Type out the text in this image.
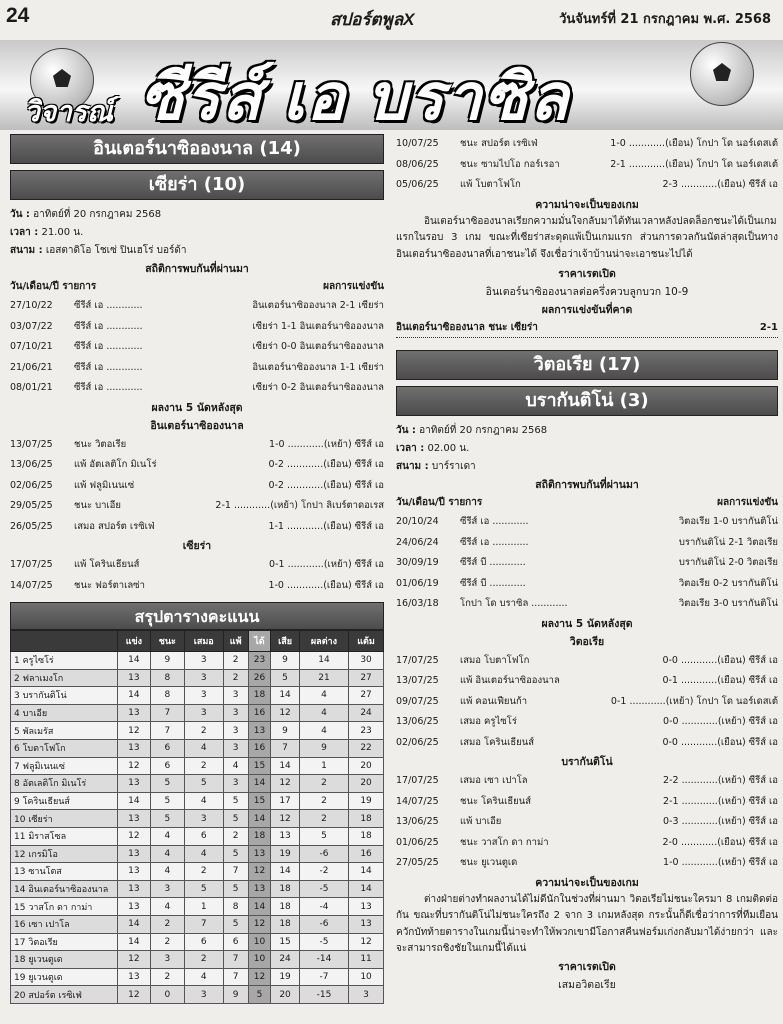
24	สปอร์ตพูลX	วันจันทร์ที่ 21 กรกฎาคม พ.ศ. 2568
วิจารณ์ ซีรีส์ เอ บราซิล
อินเตอร์นาซิอองนาล (14)
เซียร่า (10)
วัน : อาทิตย์ที่ 20 กรกฎาคม 2568
เวลา : 21.00 น.
สนาม : เอสตาดิโอ โชเซ่ ปินเฮโร่ บอร์ด้า
สถิติการพบกันที่ผ่านมา
วัน/เดือน/ปี รายการ	ผลการแข่งขัน
27/10/22	ซีรีส์ เอ ............	อินเตอร์นาซิอองนาล 2-1 เซียร่า
03/07/22	ซีรีส์ เอ ............	เซียร่า 1-1 อินเตอร์นาซิอองนาล
07/10/21	ซีรีส์ เอ ............	เซียร่า 0-0 อินเตอร์นาซิอองนาล
21/06/21	ซีรีส์ เอ ............	อินเตอร์นาซิอองนาล 1-1 เซียร่า
08/01/21	ซีรีส์ เอ ............	เซียร่า 0-2 อินเตอร์นาซิอองนาล
ผลงาน 5 นัดหลังสุด
อินเตอร์นาซิอองนาล
13/07/25	ชนะ วิตอเรีย	1-0 ............ (เหย้า) ซีรีส์ เอ
13/06/25	แพ้ อัตเลติโก มิเนโร่	0-2 ............ (เยือน) ซีรีส์ เอ
02/06/25	แพ้ ฟลูมิเนนเซ่	0-2 ............ (เยือน) ซีรีส์ เอ
29/05/25	ชนะ บาเอีย	2-1 ............ (เหย้า) โกปา ลิเบร์ตาดอเรส
26/05/25	เสมอ สปอร์ต เรซิเฟ่	1-1 ............ (เยือน) ซีรีส์ เอ
เซียร่า
17/07/25	แพ้ โครินเธียนส์	0-1 ............ (เหย้า) ซีรีส์ เอ
14/07/25	ชนะ ฟอร์ตาเลซ่า	1-0 ............ (เยือน) ซีรีส์ เอ
สรุปตารางคะแนน
	แข่ง	ชนะ	เสมอ	แพ้	ได้	เสีย	ผลต่าง	แต้ม
1 ครูไซโร่	14	9	3	2	23	9	14	30
2 ฟลาเมงโก	13	8	3	2	26	5	21	27
3 บรากันติโน่	14	8	3	3	18	14	4	27
4 บาเอีย	13	7	3	3	16	12	4	24
5 พัลเมรัส	12	7	2	3	13	9	4	23
6 โบตาโฟโก	13	6	4	3	16	7	9	22
7 ฟลูมิเนนเซ่	12	6	2	4	15	14	1	20
8 อัตเลติโก มิเนโร่	13	5	5	3	14	12	2	20
9 โครินเธียนส์	14	5	4	5	15	17	2	19
10 เซียร่า	13	5	3	5	14	12	2	18
11 มิราสโซล	12	4	6	2	18	13	5	18
12 เกรมิโอ	13	4	4	5	13	19	-6	16
13 ซานโตส	13	4	2	7	12	14	-2	14
14 อินเตอร์นาซิอองนาล	13	3	5	5	13	18	-5	14
15 วาสโก ดา กาม่า	13	4	1	8	14	18	-4	13
16 เซา เปาโล	14	2	7	5	12	18	-6	13
17 วิตอเรีย	14	2	6	6	10	15	-5	12
18 ยูเวนตูเด	12	3	2	7	10	24	-14	11
19 ยูเวนตูเด	13	2	4	7	12	19	-7	10
20 สปอร์ต เรซิเฟ่	12	0	3	9	5	20	-15	3
10/07/25	ชนะ สปอร์ต เรซิเฟ่	1-0 ............ (เยือน) โกปา โด นอร์เดสเต้
08/06/25	ชนะ ซามไปโอ กอร์เรอา	2-1 ............ (เยือน) โกปา โด นอร์เดสเต้
05/06/25	แพ้ โบตาโฟโก	2-3 ............ (เยือน) ซีรีส์ เอ
ความน่าจะเป็นของเกม
อินเตอร์นาซิอองนาลเรียกความมั่นใจกลับมาได้ทันเวลาหลังปลดล็อกชนะได้เป็นเกมแรกในรอบ 3 เกม ขณะที่เซียร่าสะดุดแพ้เป็นเกมแรก ส่วนการดวลกันนัดล่าสุดเป็นทางอินเตอร์นาซิอองนาลที่เอาชนะได้ จึงเชื่อว่าเจ้าบ้านน่าจะเอาชนะไปได้
ราคาเรตเปิด
อินเตอร์นาซิอองนาลต่อครึ่งควบลูกบวก 10-9
ผลการแข่งขันที่คาด
อินเตอร์นาซิอองนาล ชนะ เซียร่า	2-1
วิตอเรีย (17)
บรากันติโน่ (3)
วัน : อาทิตย์ที่ 20 กรกฎาคม 2568
เวลา : 02.00 น.
สนาม : บาร์ราเดา
สถิติการพบกันที่ผ่านมา
วัน/เดือน/ปี รายการ	ผลการแข่งขัน
20/10/24	ซีรีส์ เอ ............	วิตอเรีย 1-0 บรากันติโน่
24/06/24	ซีรีส์ เอ ............	บรากันติโน่ 2-1 วิตอเรีย
30/09/19	ซีรีส์ บี ............	บรากันติโน่ 2-0 วิตอเรีย
01/06/19	ซีรีส์ บี ............	วิตอเรีย 0-2 บรากันติโน่
16/03/18	โกปา โด บราซิล ............	วิตอเรีย 3-0 บรากันติโน่
ผลงาน 5 นัดหลังสุด
วิตอเรีย
17/07/25	เสมอ โบตาโฟโก	0-0 ............ (เยือน) ซีรีส์ เอ
13/07/25	แพ้ อินเตอร์นาซิอองนาล	0-1 ............ (เยือน) ซีรีส์ เอ
09/07/25	แพ้ คอนเฟียนก้า	0-1 ............ (เหย้า) โกปา โด นอร์เดสเต้
13/06/25	เสมอ ครูไซโร่	0-0 ............ (เหย้า) ซีรีส์ เอ
02/06/25	เสมอ โครินเธียนส์	0-0 ............ (เยือน) ซีรีส์ เอ
บรากันติโน่
17/07/25	เสมอ เซา เปาโล	2-2 ............ (เหย้า) ซีรีส์ เอ
14/07/25	ชนะ โครินเธียนส์	2-1 ............ (เหย้า) ซีรีส์ เอ
13/06/25	แพ้ บาเอีย	0-3 ............ (เหย้า) ซีรีส์ เอ
01/06/25	ชนะ วาสโก ดา กาม่า	2-0 ............ (เยือน) ซีรีส์ เอ
27/05/25	ชนะ ยูเวนตูเด	1-0 ............ (เหย้า) ซีรีส์ เอ
ความน่าจะเป็นของเกม
ต่างฝ่ายต่างทำผลงานได้ไม่ดีนักในช่วงที่ผ่านมา วิตอเรียไม่ชนะใครมา 8 เกมติดต่อกัน ขณะที่บรากันติโน่ไม่ชนะใครถึง 2 จาก 3 เกมหลังสุด กระนั้นก็ดีเชื่อว่าการที่ทีมเยือนควักบัทท้ายตารางในเกมนี้น่าจะทำให้พวกเขามีโอกาสคืนฟอร์มเก่งกลับมาได้ง่ายกว่า และจะสามารถชิงชัยในเกมนี้ได้แน่
ราคาเรตเปิด
เสมอวิตอเรีย
